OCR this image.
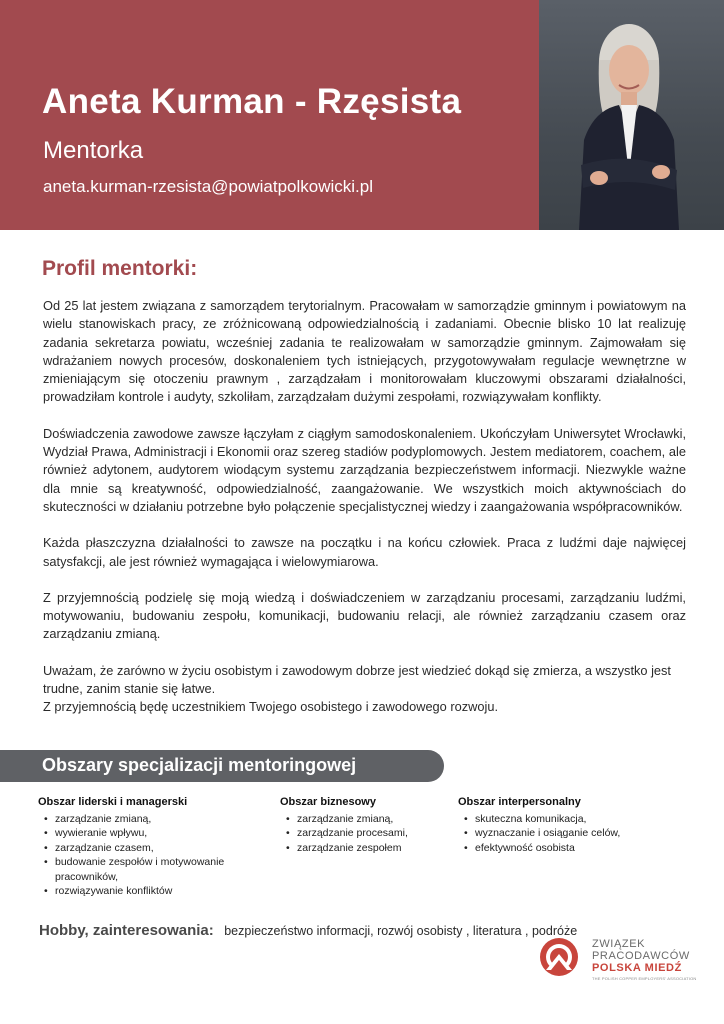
Aneta Kurman - Rzęsista
Mentorka
aneta.kurman-rzesista@powiatpolkowicki.pl
Profil mentorki:

Od 25 lat jestem związana z samorządem terytorialnym. Pracowałam w samorządzie gminnym i powiatowym na wielu stanowiskach pracy, ze zróżnicowaną odpowiedzialnością i zadaniami. Obecnie blisko 10 lat realizuję zadania sekretarza powiatu, wcześniej zadania te realizowałam w samorządzie gminnym. Zajmowałam się wdrażaniem nowych procesów, doskonaleniem tych istniejących, przygotowywałam regulacje wewnętrzne w zmieniającym się otoczeniu prawnym , zarządzałam i monitorowałam kluczowymi obszarami działalności, prowadziłam kontrole i audyty, szkoliłam, zarządzałam dużymi zespołami, rozwiązywałam konflikty.

Doświadczenia zawodowe zawsze łączyłam z ciągłym samodoskonaleniem. Ukończyłam Uniwersytet Wrocławki, Wydział Prawa, Administracji i Ekonomii oraz szereg stadiów podyplomowych. Jestem mediatorem, coachem, ale również adytonem, audytorem wiodącym systemu zarządzania bezpieczeństwem informacji. Niezwykle ważne dla mnie są kreatywność, odpowiedzialność, zaangażowanie. We wszystkich moich aktywnościach do skuteczności w działaniu potrzebne było połączenie specjalistycznej wiedzy i zaangażowania współpracowników.

Każda płaszczyzna działalności to zawsze na początku i na końcu człowiek. Praca z ludźmi daje najwięcej satysfakcji, ale jest również wymagająca i wielowymiarowa.

Z przyjemnością podzielę się moją wiedzą i doświadczeniem w zarządzaniu procesami, zarządzaniu ludźmi, motywowaniu, budowaniu zespołu, komunikacji, budowaniu relacji, ale również zarządzaniu czasem oraz zarządzaniu zmianą.

Uważam, że zarówno w życiu osobistym i zawodowym dobrze jest wiedzieć dokąd się zmierza, a wszystko jest trudne, zanim stanie się łatwe.

Z przyjemnością będę uczestnikiem Twojego osobistego i zawodowego rozwoju.

Obszary specjalizacji mentoringowej
Obszar liderski i managerski
• zarządzanie zmianą,
• wywieranie wpływu,
• zarządzanie czasem,
• budowanie zespołów i motywowanie pracowników,
• rozwiązywanie konfliktów
Obszar biznesowy
• zarządzanie zmianą,
• zarządzanie procesami,
• zarządzanie zespołem
Obszar interpersonalny
• skuteczna komunikacja,
• wyznaczanie i osiąganie celów,
• efektywność osobista
Hobby, zainteresowania: bezpieczeństwo informacji, rozwój osobisty , literatura , podróże
ZWIĄZEK
PRACODAWCÓW
POLSKA MIEDŹ
THE POLISH COPPER EMPLOYERS' ASSOCIATION
